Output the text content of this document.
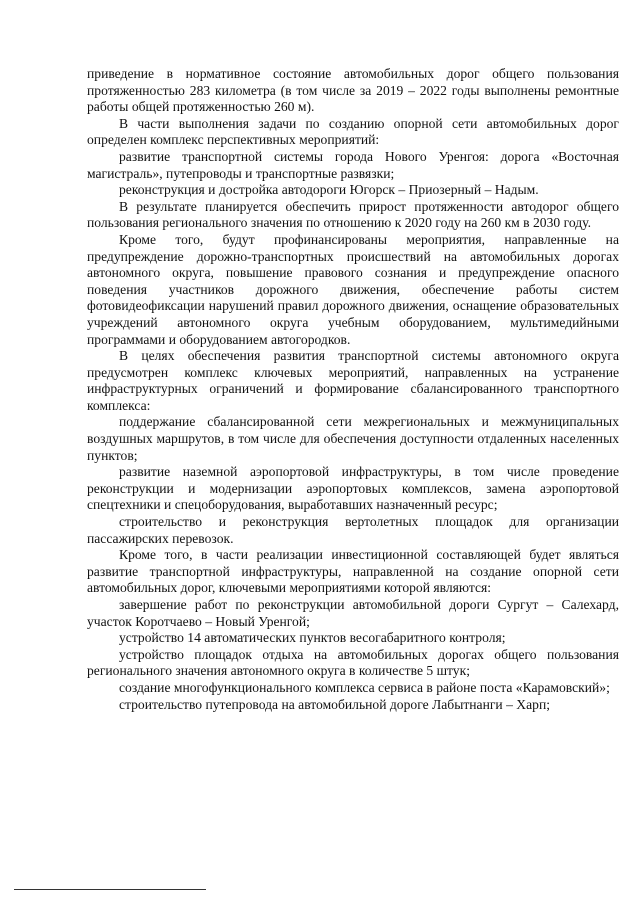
приведение в нормативное состояние автомобильных дорог общего пользования протяженностью 283 километра (в том числе за 2019 – 2022 годы выполнены ремонтные работы общей протяженностью 260 м).

В части выполнения задачи по созданию опорной сети автомобильных дорог определен комплекс перспективных мероприятий:

развитие транспортной системы города Нового Уренгоя: дорога «Восточная магистраль», путепроводы и транспортные развязки;

реконструкция и достройка автодороги Югорск – Приозерный – Надым.

В результате планируется обеспечить прирост протяженности автодорог общего пользования регионального значения по отношению к 2020 году на 260 км в 2030 году.

Кроме того, будут профинансированы мероприятия, направленные на предупреждение дорожно-транспортных происшествий на автомобильных дорогах автономного округа, повышение правового сознания и предупреждение опасного поведения участников дорожного движения, обеспечение работы систем фотовидеофиксации нарушений правил дорожного движения, оснащение образовательных учреждений автономного округа учебным оборудованием, мультимедийными программами и оборудованием автогородков.

В целях обеспечения развития транспортной системы автономного округа предусмотрен комплекс ключевых мероприятий, направленных на устранение инфраструктурных ограничений и формирование сбалансированного транспортного комплекса:

поддержание сбалансированной сети межрегиональных и межмуниципальных воздушных маршрутов, в том числе для обеспечения доступности отдаленных населенных пунктов;

развитие наземной аэропортовой инфраструктуры, в том числе проведение реконструкции и модернизации аэропортовых комплексов, замена аэропортовой спецтехники и спецоборудования, выработавших назначенный ресурс;

строительство и реконструкция вертолетных площадок для организации пассажирских перевозок.

Кроме того, в части реализации инвестиционной составляющей будет являться развитие транспортной инфраструктуры, направленной на создание опорной сети автомобильных дорог, ключевыми мероприятиями которой являются:

завершение работ по реконструкции автомобильной дороги Сургут – Салехард, участок Коротчаево – Новый Уренгой;

устройство 14 автоматических пунктов весогабаритного контроля;

устройство площадок отдыха на автомобильных дорогах общего пользования регионального значения автономного округа в количестве 5 штук;

создание многофункционального комплекса сервиса в районе поста «Карамовский»;

строительство путепровода на автомобильной дороге Лабытнанги – Харп;
